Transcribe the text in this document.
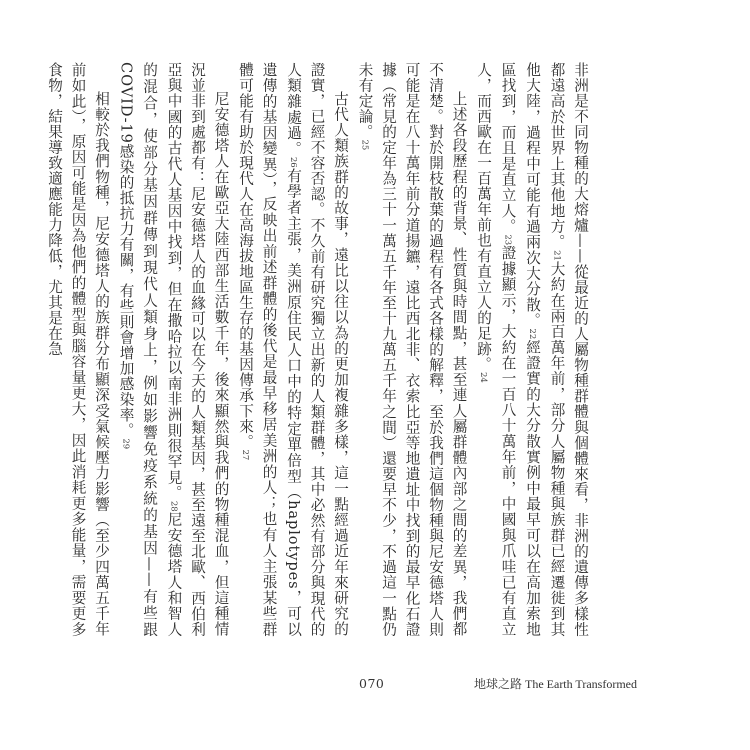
非洲是不同物種的大熔爐——從最近的人屬物種群體與個體來看，非洲的遺傳多樣性都遠高於世界上其他地方。21大約在兩百萬年前，部分人屬物種與族群已經遷徙到其他大陸，過程中可能有過兩次大分散。22經證實的大分散實例中最早可以在高加索地區找到，而且是直立人。23證據顯示，大約在一百八十萬年前，中國與爪哇已有直立人，而西歐在一百萬年前也有直立人的足跡。24

上述各段歷程的背景、性質與時間點，甚至連人屬群體內部之間的差異，我們都不清楚。對於開枝散葉的過程有各式各樣的解釋，至於我們這個物種與尼安德塔人則可能是在八十萬年前分道揚鑣，遠比西北非、衣索比亞等地遺址中找到的最早化石證據（常見的定年為三十一萬五千年至十九萬五千年之間）還要早不少，不過這一點仍未有定論。25

古代人類族群的故事，遠比以往以為的更加複雜多樣，這一點經過近年來研究的證實，已經不容否認。不久前有研究獨立出新的人類群體，其中必然有部分與現代的人類雜處過。26有學者主張，美洲原住民人口中的特定單倍型（haplotypes，可以遺傳的基因變異），反映出前述群體的後代是最早移居美洲的人；也有人主張某些群體可能有助於現代人在高海拔地區生存的基因傳承下來。27

尼安德塔人在歐亞大陸西部生活數千年，後來顯然與我們的物種混血，但這種情況並非到處都有：尼安德塔人的血緣可以在今天的人類基因，甚至遠至北歐、西伯利亞與中國的古代人基因中找到，但在撒哈拉以南非洲則很罕見。28尼安德塔人和智人的混合，使部分基因群傳到現代人類身上，例如影響免疫系統的基因——有些跟COVID-19感染的抵抗力有關，有些則會增加感染率。29

相較於我們物種，尼安德塔人的族群分布顯深受氣候壓力影響（至少四萬五千年前如此），原因可能是因為他們的體型與腦容量更大，因此消耗更多能量，需要更多食物，結果導致適應能力降低，尤其是在急

070	地球之路 The Earth Transformed
